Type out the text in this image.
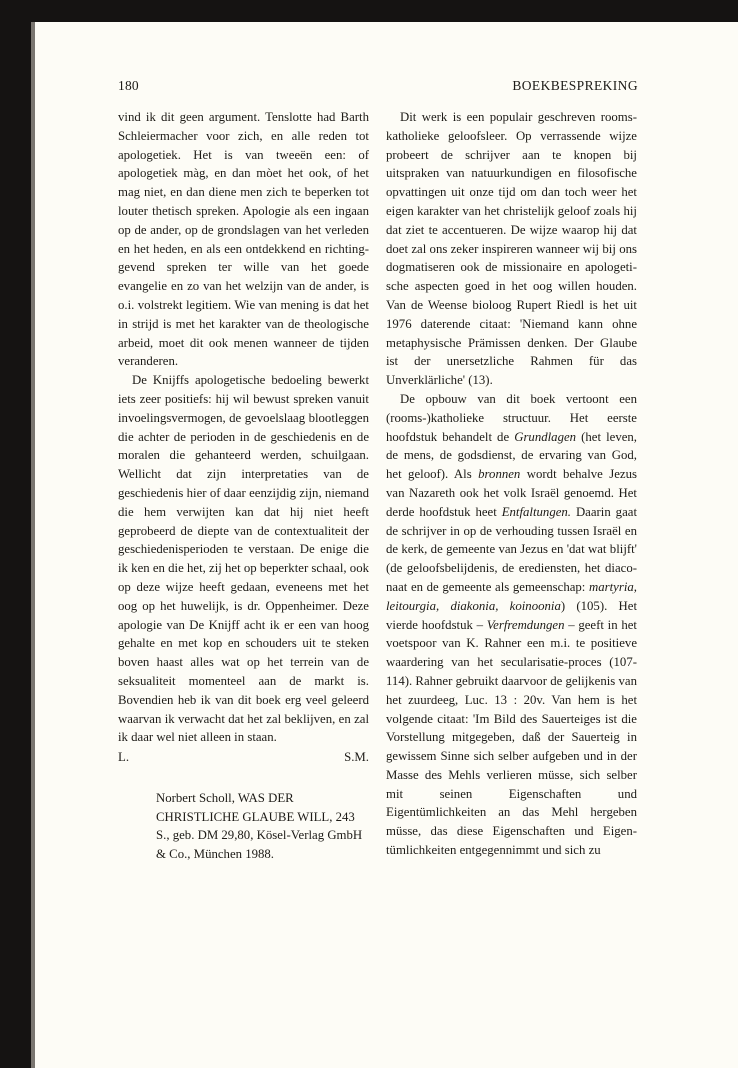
180	BOEKBESPREKING

vind ik dit geen argument. Tenslotte had Barth Schleiermacher voor zich, en alle reden tot apologetiek. Het is van tweeën een: of apologetiek màg, en dan mòet het ook, of het mag niet, en dan diene men zich te beperken tot louter thetisch spreken. Apologie als een ingaan op de ander, op de grondslagen van het verleden en het heden, en als een ontdekkend en richting-gevend spreken ter wille van het goede evangelie en zo van het welzijn van de ander, is o.i. volstrekt legitiem. Wie van mening is dat het in strijd is met het karakter van de theologische arbeid, moet dit ook menen wanneer de tijden veranderen.

De Knijffs apologetische bedoeling bewerkt iets zeer positiefs: hij wil bewust spreken vanuit invoelingsvermogen, de gevoelslaag blootleggen die achter de perioden in de geschiedenis en de moralen die gehanteerd werden, schuilgaan. Wellicht dat zijn interpretaties van de geschiedenis hier of daar eenzijdig zijn, niemand die hem verwijten kan dat hij niet heeft geprobeerd de diepte van de contextualiteit der geschiedenisperioden te verstaan. De enige die ik ken en die het, zij het op beperkter schaal, ook op deze wijze heeft gedaan, eveneens met het oog op het huwelijk, is dr. Oppenheimer. Deze apologie van De Knijff acht ik er een van hoog gehalte en met kop en schouders uit te steken boven haast alles wat op het terrein van de seksualiteit momenteel aan de markt is. Bovendien heb ik van dit boek erg veel geleerd waarvan ik verwacht dat het zal beklijven, en zal ik daar wel niet alleen in staan.

L.	S.M.
Norbert Scholl, WAS DER CHRISTLICHE GLAUBE WILL, 243 S., geb. DM 29,80, Kösel-Verlag GmbH & Co., München 1988.

Dit werk is een populair geschreven rooms-katholieke geloofsleer. Op verrassende wijze probeert de schrijver aan te knopen bij uitspraken van natuurkundigen en filosofische opvattingen uit onze tijd om dan toch weer het eigen karakter van het christelijk geloof zoals hij dat ziet te accentueren. De wijze waarop hij dat doet zal ons zeker inspireren wanneer wij bij ons dogmatiseren ook de missionaire en apologetische aspecten goed in het oog willen houden. Van de Weense bioloog Rupert Riedl is het uit 1976 daterende citaat: 'Niemand kann ohne metaphysische Prämissen denken. Der Glaube ist der unersetzliche Rahmen für das Unverklärliche' (13).

De opbouw van dit boek vertoont een (rooms-)katholieke structuur. Het eerste hoofdstuk behandelt de Grundlagen (het leven, de mens, de godsdienst, de ervaring van God, het geloof). Als bronnen wordt behalve Jezus van Nazareth ook het volk Israël genoemd. Het derde hoofdstuk heet Entfaltungen. Daarin gaat de schrijver in op de verhouding tussen Israël en de kerk, de gemeente van Jezus en 'dat wat blijft' (de geloofsbelijdenis, de erediensten, het diaconaat en de gemeente als gemeenschap: martyria, leitourgia, diakonia, koinoonia) (105). Het vierde hoofdstuk – Verfremdungen – geeft in het voetspoor van K. Rahner een m.i. te positieve waardering van het secularisatie-proces (107-114). Rahner gebruikt daarvoor de gelijkenis van het zuurdeeg, Luc. 13 : 20v. Van hem is het volgende citaat: 'Im Bild des Sauerteiges ist die Vorstellung mitgegeben, daß der Sauerteig in gewissem Sinne sich selber aufgeben und in der Masse des Mehls verlieren müsse, sich selber mit seinen Eigenschaften und Eigentümlichkeiten an das Mehl hergeben müsse, das diese Eigenschaften und Eigentümlichkeiten entgegennimmt und sich zu
